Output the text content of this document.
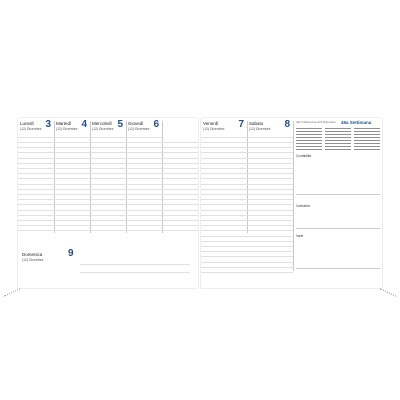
Lunedì
(12) Dicembre 3 Martedì
(12) Dicembre 4 Mercoledì
(12) Dicembre 5 Giovedì
(12) Dicembre 6
Domenica
(12) Dicembre
9
Venerdì
(12) Dicembre 7 Sabato
(12) Dicembre 8 dal 3 Dicembre al 9 Dicembre 49a Settimana
Contabilità
Cartoleria
Varie
